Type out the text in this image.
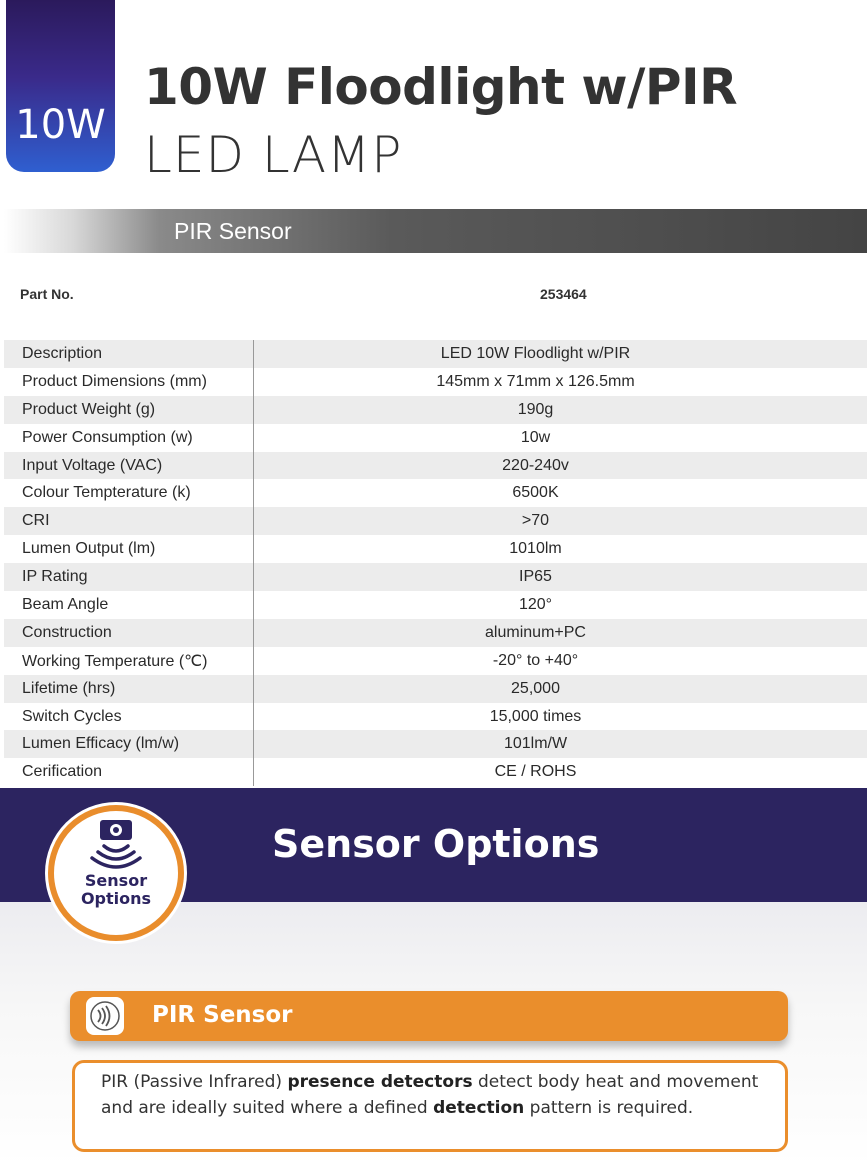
10W
10W Floodlight w/PIR
LED LAMP
PIR Sensor
Part No.	253464
Description	LED 10W Floodlight w/PIR
Product Dimensions (mm)	145mm x 71mm x 126.5mm
Product Weight (g)	190g
Power Consumption (w)	10w
Input Voltage (VAC)	220-240v
Colour Tempterature (k)	6500K
CRI	>70
Lumen Output (lm)	1010lm
IP Rating	IP65
Beam Angle	120°
Construction	aluminum+PC
Working Temperature (℃)	-20° to +40°
Lifetime (hrs)	25,000
Switch Cycles	15,000 times
Lumen Efficacy (lm/w)	101lm/W
Cerification	CE / ROHS
Sensor Options
Sensor
Options
PIR Sensor
PIR (Passive Infrared) presence detectors detect body heat and movement and are ideally suited where a defined detection pattern is required.
